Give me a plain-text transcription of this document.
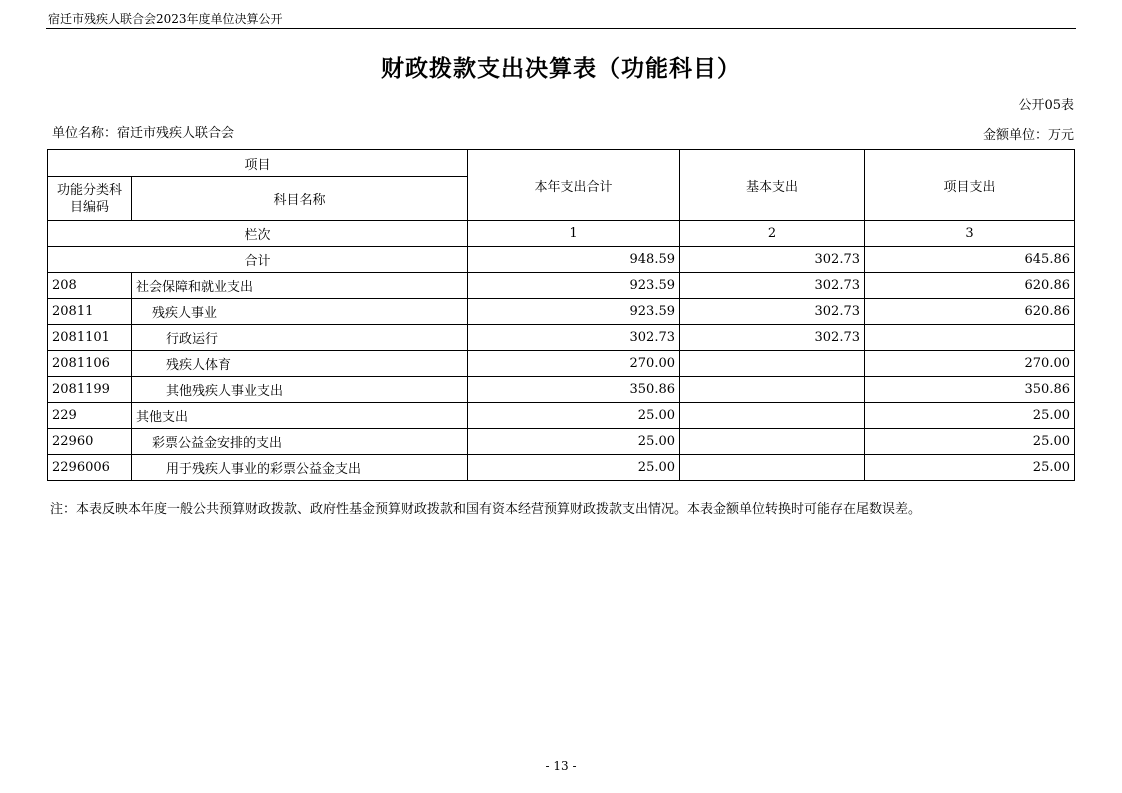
宿迁市残疾人联合会2023年度单位决算公开
财政拨款支出决算表（功能科目）
公开05表
单位名称：宿迁市残疾人联合会	金额单位：万元
项目		本年支出合计	基本支出	项目支出
功能分类科目编码	科目名称			
栏次		1	2	3
合计		948.59	302.73	645.86
208	社会保障和就业支出	923.59	302.73	620.86
20811	残疾人事业	923.59	302.73	620.86
2081101	行政运行	302.73	302.73	
2081106	残疾人体育	270.00		270.00
2081199	其他残疾人事业支出	350.86		350.86
229	其他支出	25.00		25.00
22960	彩票公益金安排的支出	25.00		25.00
2296006	用于残疾人事业的彩票公益金支出	25.00		25.00
注：本表反映本年度一般公共预算财政拨款、政府性基金预算财政拨款和国有资本经营预算财政拨款支出情况。本表金额单位转换时可能存在尾数误差。
- 13 -
